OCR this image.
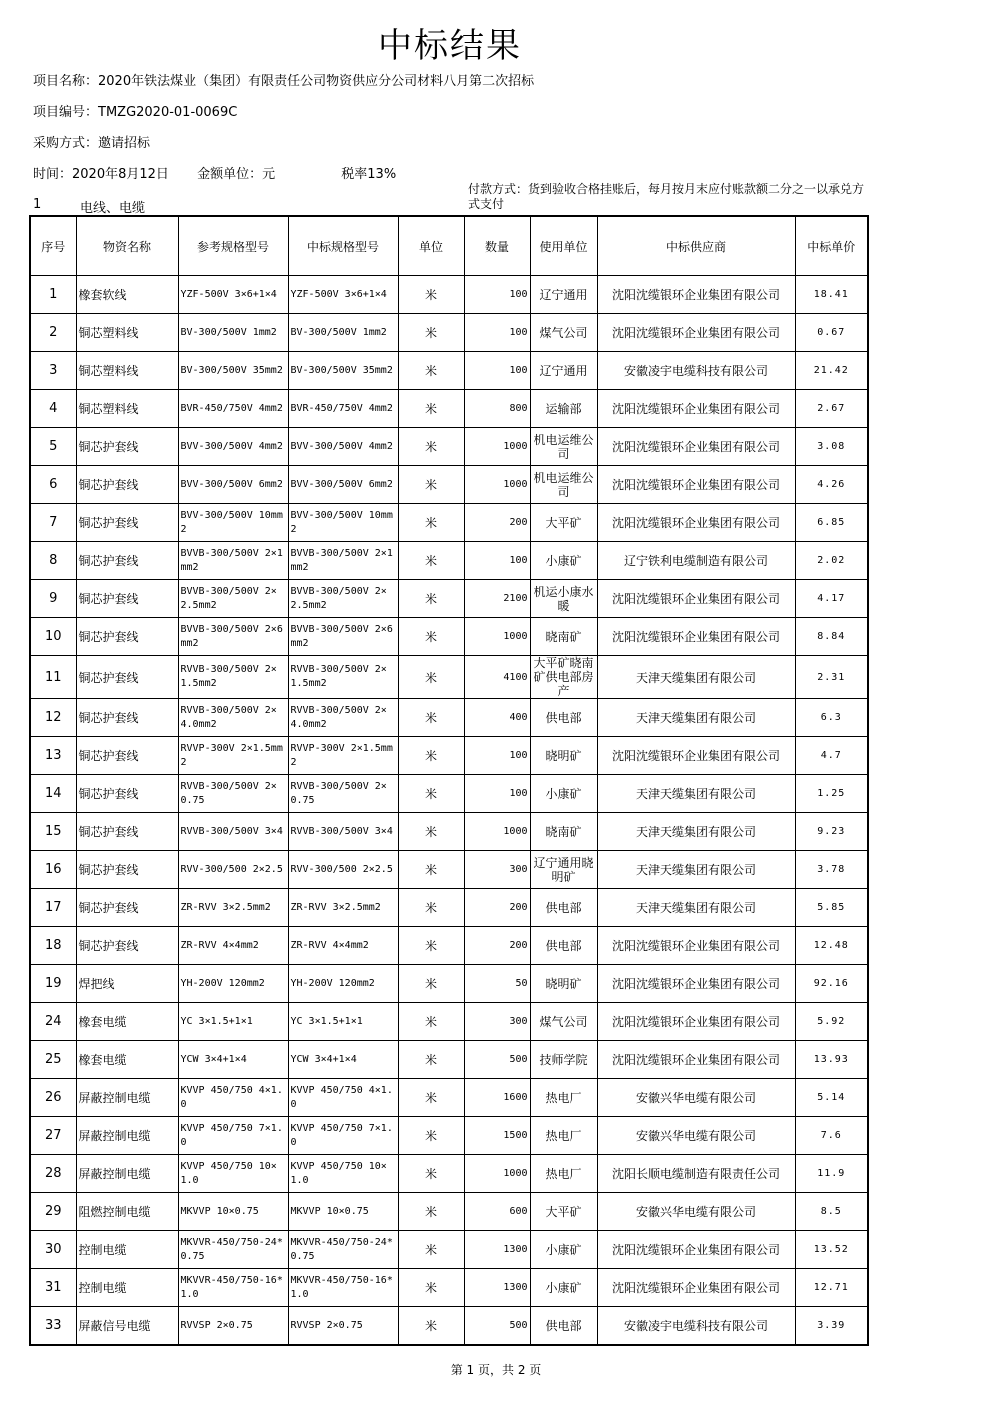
中标结果
项目名称：2020年铁法煤业（集团）有限责任公司物资供应分公司材料八月第二次招标
项目编号：TMZG2020-01-0069C
采购方式：邀请招标
时间：2020年8月12日 金额单位：元	税率13%
1	电线、电缆
付款方式：货到验收合格挂账后，每月按月末应付账款额二分之一以承兑方式支付
序号	物资名称	参考规格型号	中标规格型号	单位	数量	使用单位	中标供应商	中标单价
1	橡套软线	YZF-500V 3×6+1×4	YZF-500V 3×6+1×4	米	100	辽宁通用	沈阳沈缆银环企业集团有限公司	18.41
2	铜芯塑料线	BV-300/500V 1mm2	BV-300/500V 1mm2	米	100	煤气公司	沈阳沈缆银环企业集团有限公司	0.67
3	铜芯塑料线	BV-300/500V 35mm2	BV-300/500V 35mm2	米	100	辽宁通用	安徽凌宇电缆科技有限公司	21.42
4	铜芯塑料线	BVR-450/750V 4mm2	BVR-450/750V 4mm2	米	800	运输部	沈阳沈缆银环企业集团有限公司	2.67
5	铜芯护套线	BVV-300/500V 4mm2	BVV-300/500V 4mm2	米	1000	机电运维公司	沈阳沈缆银环企业集团有限公司	3.08
6	铜芯护套线	BVV-300/500V 6mm2	BVV-300/500V 6mm2	米	1000	机电运维公司	沈阳沈缆银环企业集团有限公司	4.26
7	铜芯护套线	BVV-300/500V 10mm2	BVV-300/500V 10mm2	米	200	大平矿	沈阳沈缆银环企业集团有限公司	6.85
8	铜芯护套线	BVVB-300/500V 2×1mm2	BVVB-300/500V 2×1mm2	米	100	小康矿	辽宁铁利电缆制造有限公司	2.02
9	铜芯护套线	BVVB-300/500V 2×2.5mm2	BVVB-300/500V 2×2.5mm2	米	2100	机运小康水暖	沈阳沈缆银环企业集团有限公司	4.17
10	铜芯护套线	BVVB-300/500V 2×6mm2	BVVB-300/500V 2×6mm2	米	1000	晓南矿	沈阳沈缆银环企业集团有限公司	8.84
11	铜芯护套线	RVVB-300/500V 2×1.5mm2	RVVB-300/500V 2×1.5mm2	米	4100	大平矿晓南矿供电部房产	天津天缆集团有限公司	2.31
12	铜芯护套线	RVVB-300/500V 2×4.0mm2	RVVB-300/500V 2×4.0mm2	米	400	供电部	天津天缆集团有限公司	6.3
13	铜芯护套线	RVVP-300V 2×1.5mm2	RVVP-300V 2×1.5mm2	米	100	晓明矿	沈阳沈缆银环企业集团有限公司	4.7
14	铜芯护套线	RVVB-300/500V 2×0.75	RVVB-300/500V 2×0.75	米	100	小康矿	天津天缆集团有限公司	1.25
15	铜芯护套线	RVVB-300/500V 3×4	RVVB-300/500V 3×4	米	1000	晓南矿	天津天缆集团有限公司	9.23
16	铜芯护套线	RVV-300/500 2×2.5	RVV-300/500 2×2.5	米	300	辽宁通用晓明矿	天津天缆集团有限公司	3.78
17	铜芯护套线	ZR-RVV 3×2.5mm2	ZR-RVV 3×2.5mm2	米	200	供电部	天津天缆集团有限公司	5.85
18	铜芯护套线	ZR-RVV 4×4mm2	ZR-RVV 4×4mm2	米	200	供电部	沈阳沈缆银环企业集团有限公司	12.48
19	焊把线	YH-200V 120mm2	YH-200V 120mm2	米	50	晓明矿	沈阳沈缆银环企业集团有限公司	92.16
24	橡套电缆	YC 3×1.5+1×1	YC 3×1.5+1×1	米	300	煤气公司	沈阳沈缆银环企业集团有限公司	5.92
25	橡套电缆	YCW 3×4+1×4	YCW 3×4+1×4	米	500	技师学院	沈阳沈缆银环企业集团有限公司	13.93
26	屏蔽控制电缆	KVVP 450/750 4×1.0	KVVP 450/750 4×1.0	米	1600	热电厂	安徽兴华电缆有限公司	5.14
27	屏蔽控制电缆	KVVP 450/750 7×1.0	KVVP 450/750 7×1.0	米	1500	热电厂	安徽兴华电缆有限公司	7.6
28	屏蔽控制电缆	KVVP 450/750 10×1.0	KVVP 450/750 10×1.0	米	1000	热电厂	沈阳长顺电缆制造有限责任公司	11.9
29	阻燃控制电缆	MKVVP 10×0.75	MKVVP 10×0.75	米	600	大平矿	安徽兴华电缆有限公司	8.5
30	控制电缆	MKVVR-450/750-24*0.75	MKVVR-450/750-24*0.75	米	1300	小康矿	沈阳沈缆银环企业集团有限公司	13.52
31	控制电缆	MKVVR-450/750-16*1.0	MKVVR-450/750-16*1.0	米	1300	小康矿	沈阳沈缆银环企业集团有限公司	12.71
33	屏蔽信号电缆	RVVSP 2×0.75	RVVSP 2×0.75	米	500	供电部	安徽凌宇电缆科技有限公司	3.39
第 1 页，共 2 页
